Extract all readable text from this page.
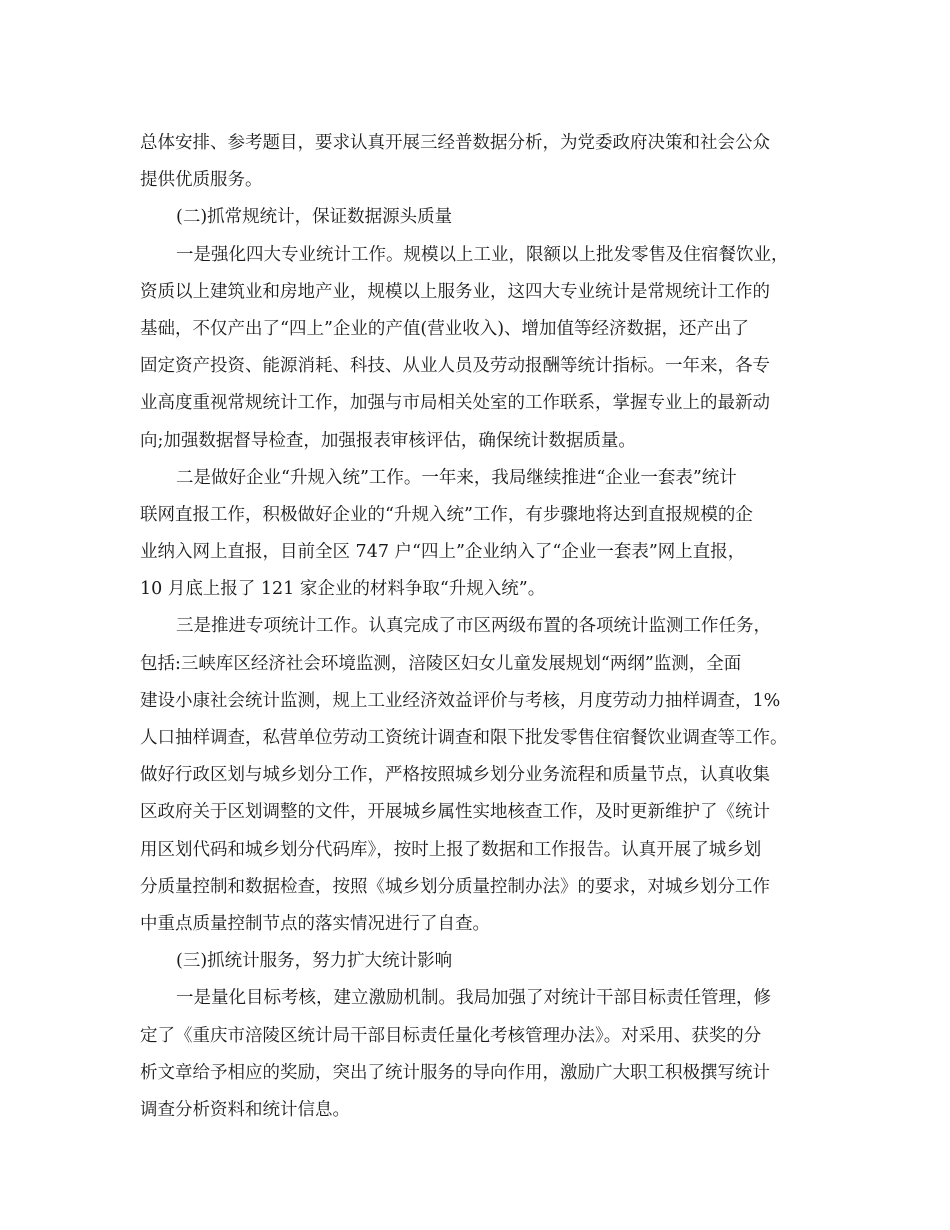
总体安排、参考题目，要求认真开展三经普数据分析，为党委政府决策和社会公众
提供优质服务。
(二)抓常规统计，保证数据源头质量
一是强化四大专业统计工作。规模以上工业，限额以上批发零售及住宿餐饮业，
资质以上建筑业和房地产业，规模以上服务业，这四大专业统计是常规统计工作的
基础，不仅产出了“四上”企业的产值(营业收入)、增加值等经济数据，还产出了
固定资产投资、能源消耗、科技、从业人员及劳动报酬等统计指标。一年来，各专
业高度重视常规统计工作，加强与市局相关处室的工作联系，掌握专业上的最新动
向;加强数据督导检查，加强报表审核评估，确保统计数据质量。
二是做好企业“升规入统”工作。一年来，我局继续推进“企业一套表”统计
联网直报工作，积极做好企业的“升规入统”工作，有步骤地将达到直报规模的企
业纳入网上直报，目前全区 747 户“四上”企业纳入了“企业一套表”网上直报，
10 月底上报了 121 家企业的材料争取“升规入统”。
三是推进专项统计工作。认真完成了市区两级布置的各项统计监测工作任务，
包括:三峡库区经济社会环境监测，涪陵区妇女儿童发展规划“两纲”监测，全面
建设小康社会统计监测，规上工业经济效益评价与考核，月度劳动力抽样调查，1%
人口抽样调查，私营单位劳动工资统计调查和限下批发零售住宿餐饮业调查等工作。
做好行政区划与城乡划分工作，严格按照城乡划分业务流程和质量节点，认真收集
区政府关于区划调整的文件，开展城乡属性实地核查工作，及时更新维护了《统计
用区划代码和城乡划分代码库》，按时上报了数据和工作报告。认真开展了城乡划
分质量控制和数据检查，按照《城乡划分质量控制办法》的要求，对城乡划分工作
中重点质量控制节点的落实情况进行了自查。
(三)抓统计服务，努力扩大统计影响
一是量化目标考核，建立激励机制。我局加强了对统计干部目标责任管理，修
定了《重庆市涪陵区统计局干部目标责任量化考核管理办法》。对采用、获奖的分
析文章给予相应的奖励，突出了统计服务的导向作用，激励广大职工积极撰写统计
调查分析资料和统计信息。
